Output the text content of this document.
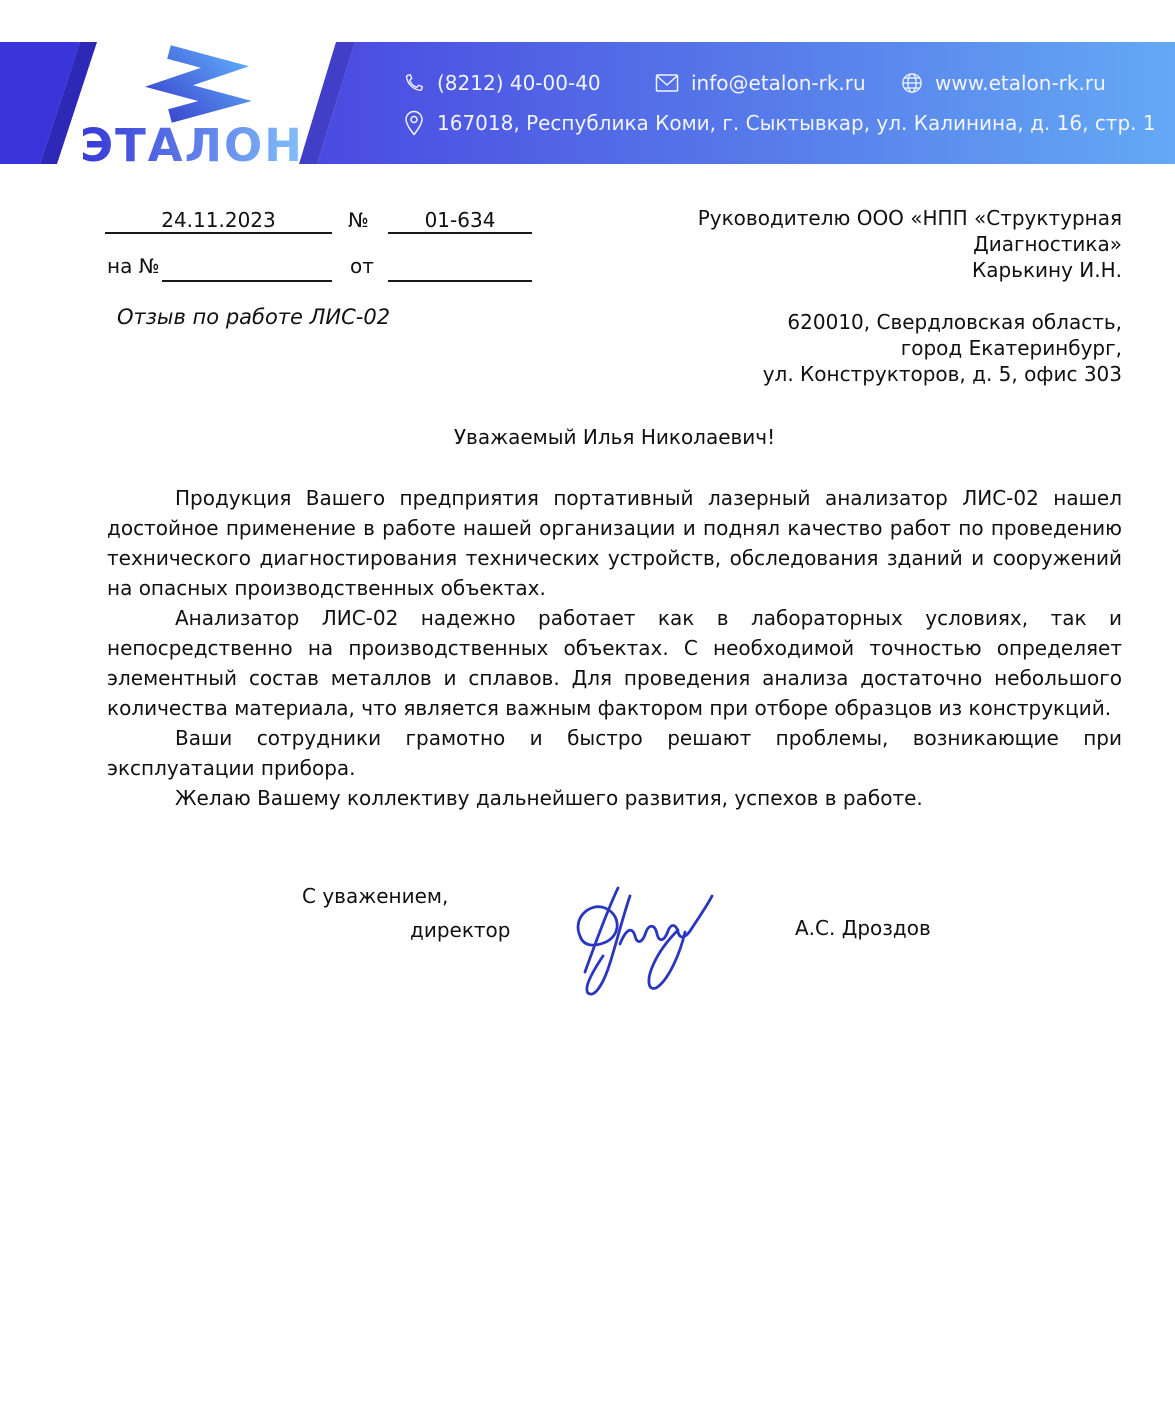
ЭТАЛОН
(8212) 40-00-40	info@etalon-rk.ru	www.etalon-rk.ru
167018, Республика Коми, г. Сыктывкар, ул. Калинина, д. 16, стр. 1
24.11.2023	№	01-634
на №	от
Отзыв по работе ЛИС-02
Руководителю ООО «НПП «Структурная
Диагностика»
Карькину И.Н.
620010, Свердловская область,
город Екатеринбург,
ул. Конструкторов, д. 5, офис 303
Уважаемый Илья Николаевич!

Продукция Вашего предприятия портативный лазерный анализатор ЛИС-02 нашел достойное применение в работе нашей организации и поднял качество работ по проведению технического диагностирования технических устройств, обследования зданий и сооружений на опасных производственных объектах.

Анализатор ЛИС-02 надежно работает как в лабораторных условиях, так и непосредственно на производственных объектах. С необходимой точностью определяет элементный состав металлов и сплавов. Для проведения анализа достаточно небольшого количества материала, что является важным фактором при отборе образцов из конструкций.

Ваши сотрудники грамотно и быстро решают проблемы, возникающие при эксплуатации прибора.

Желаю Вашему коллективу дальнейшего развития, успехов в работе.

С уважением,
директор	А.С. Дроздов
